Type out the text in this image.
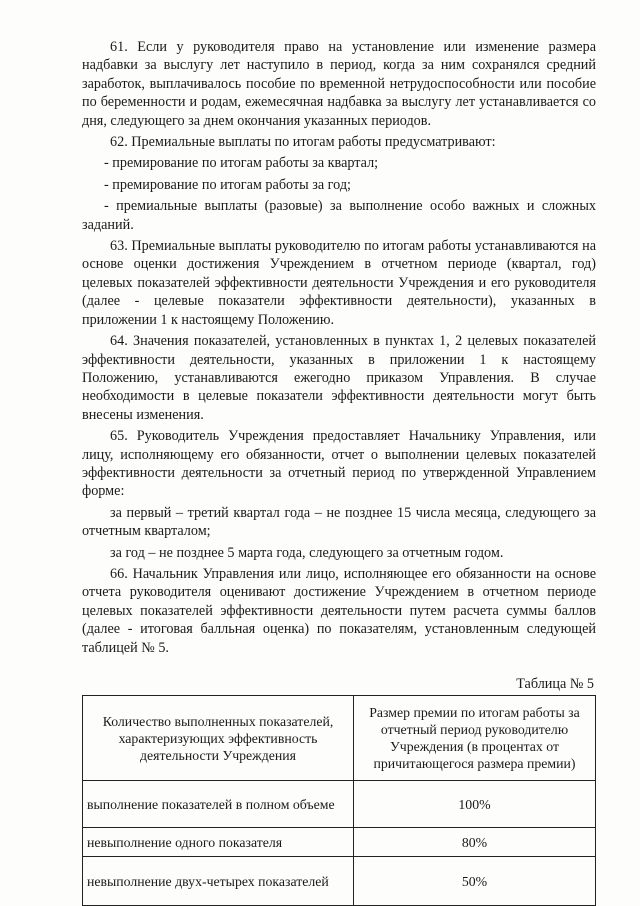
61. Если у руководителя право на установление или изменение размера надбавки за выслугу лет наступило в период, когда за ним сохранялся средний заработок, выплачивалось пособие по временной нетрудоспособности или пособие по беременности и родам, ежемесячная надбавка за выслугу лет устанавливается со дня, следующего за днем окончания указанных периодов.

62. Премиальные выплаты по итогам работы предусматривают:

- премирование по итогам работы за квартал;

- премирование по итогам работы за год;

- премиальные выплаты (разовые) за выполнение особо важных и сложных заданий.

63. Премиальные выплаты руководителю по итогам работы устанавливаются на основе оценки достижения Учреждением в отчетном периоде (квартал, год) целевых показателей эффективности деятельности Учреждения и его руководителя (далее - целевые показатели эффективности деятельности), указанных в приложении 1 к настоящему Положению.

64. Значения показателей, установленных в пунктах 1, 2 целевых показателей эффективности деятельности, указанных в приложении 1 к настоящему Положению, устанавливаются ежегодно приказом Управления. В случае необходимости в целевые показатели эффективности деятельности могут быть внесены изменения.

65. Руководитель Учреждения предоставляет Начальнику Управления, или лицу, исполняющему его обязанности, отчет о выполнении целевых показателей эффективности деятельности за отчетный период по утвержденной Управлением форме:

за первый – третий квартал года – не позднее 15 числа месяца, следующего за отчетным кварталом;

за год – не позднее 5 марта года, следующего за отчетным годом.

66. Начальник Управления или лицо, исполняющее его обязанности на основе отчета руководителя оценивают достижение Учреждением в отчетном периоде целевых показателей эффективности деятельности путем расчета суммы баллов (далее - итоговая балльная оценка) по показателям, установленным следующей таблицей № 5.

Таблица № 5
Количество выполненных показателей, характеризующих эффективность деятельности Учреждения	Размер премии по итогам работы за отчетный период руководителю Учреждения (в процентах от причитающегося размера премии)
выполнение показателей в полном объеме	100%
невыполнение одного показателя	80%
невыполнение двух-четырех показателей	50%
